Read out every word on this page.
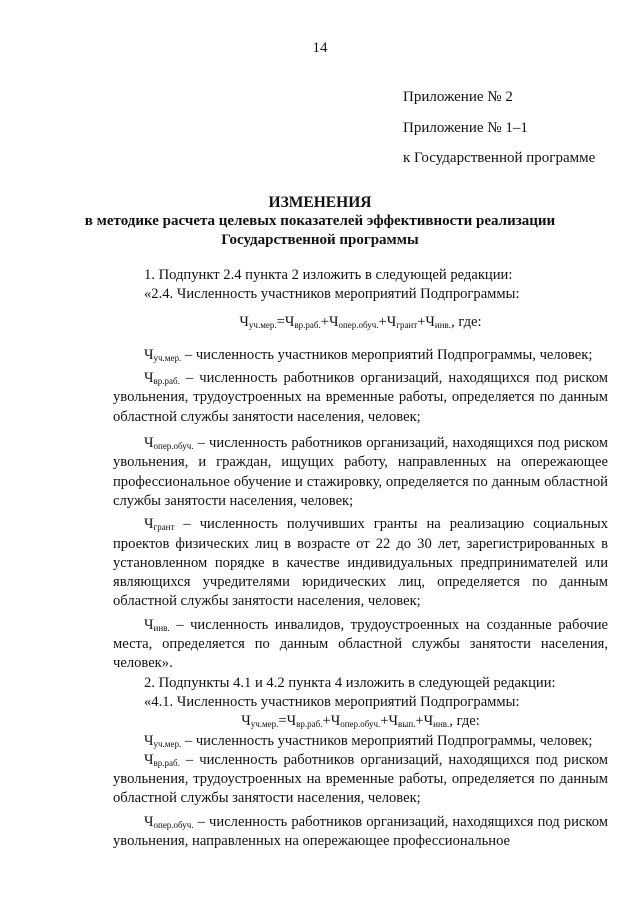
14
Приложение № 2
Приложение № 1–1
к Государственной программе
ИЗМЕНЕНИЯ
в методике расчета целевых показателей эффективности реализации Государственной программы

1. Подпункт 2.4 пункта 2 изложить в следующей редакции:

«2.4. Численность участников мероприятий Подпрограммы:

$Ч_{уч.мер.}=Ч_{вр.раб.}+Ч_{опер.обуч.}+Ч_{грант}+Ч_{инв.}$, где:

$Ч_{уч.мер.}$ – численность участников мероприятий Подпрограммы, человек;

$Ч_{вр.раб.}$ – численность работников организаций, находящихся под риском увольнения, трудоустроенных на временные работы, определяется по данным областной службы занятости населения, человек;

$Ч_{опер.обуч.}$ – численность работников организаций, находящихся под риском увольнения, и граждан, ищущих работу, направленных на опережающее профессиональное обучение и стажировку, определяется по данным областной службы занятости населения, человек;

$Ч_{грант}$ – численность получивших гранты на реализацию социальных проектов физических лиц в возрасте от 22 до 30 лет, зарегистрированных в установленном порядке в качестве индивидуальных предпринимателей или являющихся учредителями юридических лиц, определяется по данным областной службы занятости населения, человек;

$Ч_{инв.}$ – численность инвалидов, трудоустроенных на созданные рабочие места, определяется по данным областной службы занятости населения, человек».

2. Подпункты 4.1 и 4.2 пункта 4 изложить в следующей редакции:

«4.1. Численность участников мероприятий Подпрограммы:

$Ч_{уч.мер.}=Ч_{вр.раб.}+Ч_{опер.обуч.}+Ч_{вып.}+Ч_{инв.}$, где:

$Ч_{уч.мер.}$ – численность участников мероприятий Подпрограммы, человек;

$Ч_{вр.раб.}$ – численность работников организаций, находящихся под риском увольнения, трудоустроенных на временные работы, определяется по данным областной службы занятости населения, человек;

$Ч_{опер.обуч.}$ – численность работников организаций, находящихся под риском увольнения, направленных на опережающее профессиональное
